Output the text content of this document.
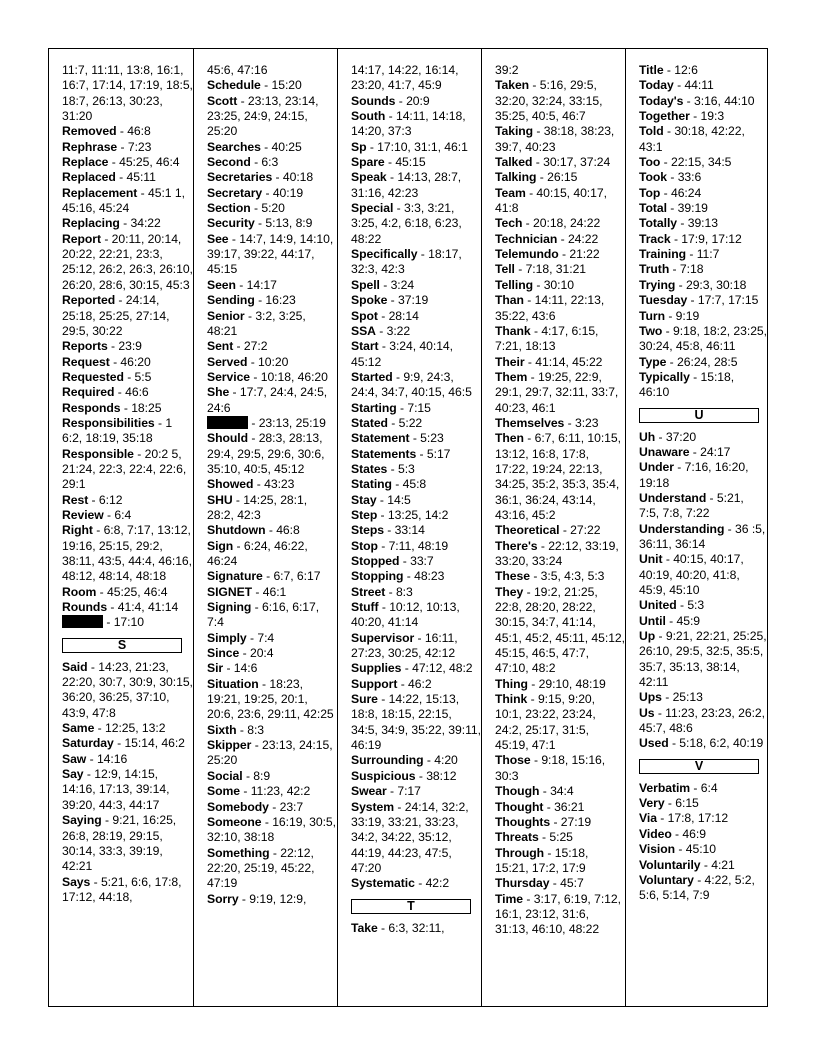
11:7, 11:11, 13:8, 16:1, 16:7, 17:14, 17:19, 18:5, 18:7, 26:13, 30:23, 31:20
Removed - 46:8
Rephrase - 7:23
Replace - 45:25, 46:4
Replaced - 45:11
Replacement - 45:1 1, 45:16, 45:24
Replacing - 34:22
Report - 20:11, 20:14, 20:22, 22:21, 23:3, 25:12, 26:2, 26:3, 26:10, 26:20, 28:6, 30:15, 45:3
Reported - 24:14, 25:18, 25:25, 27:14, 29:5, 30:22
Reports - 23:9
Request - 46:20
Requested - 5:5
Required - 46:6
Responds - 18:25
Responsibilities - 1 6:2, 18:19, 35:18
Responsible - 20:2 5, 21:24, 22:3, 22:4, 22:6, 29:1
Rest - 6:12
Review - 6:4
Right - 6:8, 7:17, 13:12, 19:16, 25:15, 29:2, 38:11, 43:5, 44:4, 46:16, 48:12, 48:14, 48:18
Room - 45:25, 46:4
Rounds - 41:4, 41:14
- 17:10
S
Said - 14:23, 21:23, 22:20, 30:7, 30:9, 30:15, 36:20, 36:25, 37:10, 43:9, 47:8
Same - 12:25, 13:2
Saturday - 15:14, 46:2
Saw - 14:16
Say - 12:9, 14:15, 14:16, 17:13, 39:14, 39:20, 44:3, 44:17
Saying - 9:21, 16:25, 26:8, 28:19, 29:15, 30:14, 33:3, 39:19, 42:21
Says - 5:21, 6:6, 17:8, 17:12, 44:18,
45:6, 47:16
Schedule - 15:20
Scott - 23:13, 23:14, 23:25, 24:9, 24:15, 25:20
Searches - 40:25
Second - 6:3
Secretaries - 40:18
Secretary - 40:19
Section - 5:20
Security - 5:13, 8:9
See - 14:7, 14:9, 14:10, 39:17, 39:22, 44:17, 45:15
Seen - 14:17
Sending - 16:23
Senior - 3:2, 3:25, 48:21
Sent - 27:2
Served - 10:20
Service - 10:18, 46:20
She - 17:7, 24:4, 24:5, 24:6
- 23:13, 25:19
Should - 28:3, 28:13, 29:4, 29:5, 29:6, 30:6, 35:10, 40:5, 45:12
Showed - 43:23
SHU - 14:25, 28:1, 28:2, 42:3
Shutdown - 46:8
Sign - 6:24, 46:22, 46:24
Signature - 6:7, 6:17
SIGNET - 46:1
Signing - 6:16, 6:17, 7:4
Simply - 7:4
Since - 20:4
Sir - 14:6
Situation - 18:23, 19:21, 19:25, 20:1, 20:6, 23:6, 29:11, 42:25
Sixth - 8:3
Skipper - 23:13, 24:15, 25:20
Social - 8:9
Some - 11:23, 42:2
Somebody - 23:7
Someone - 16:19, 30:5, 32:10, 38:18
Something - 22:12, 22:20, 25:19, 45:22, 47:19
Sorry - 9:19, 12:9,
14:17, 14:22, 16:14, 23:20, 41:7, 45:9
Sounds - 20:9
South - 14:11, 14:18, 14:20, 37:3
Sp - 17:10, 31:1, 46:1
Spare - 45:15
Speak - 14:13, 28:7, 31:16, 42:23
Special - 3:3, 3:21, 3:25, 4:2, 6:18, 6:23, 48:22
Specifically - 18:17, 32:3, 42:3
Spell - 3:24
Spoke - 37:19
Spot - 28:14
SSA - 3:22
Start - 3:24, 40:14, 45:12
Started - 9:9, 24:3, 24:4, 34:7, 40:15, 46:5
Starting - 7:15
Stated - 5:22
Statement - 5:23
Statements - 5:17
States - 5:3
Stating - 45:8
Stay - 14:5
Step - 13:25, 14:2
Steps - 33:14
Stop - 7:11, 48:19
Stopped - 33:7
Stopping - 48:23
Street - 8:3
Stuff - 10:12, 10:13, 40:20, 41:14
Supervisor - 16:11, 27:23, 30:25, 42:12
Supplies - 47:12, 48:2
Support - 46:2
Sure - 14:22, 15:13, 18:8, 18:15, 22:15, 34:5, 34:9, 35:22, 39:11, 46:19
Surrounding - 4:20
Suspicious - 38:12
Swear - 7:17
System - 24:14, 32:2, 33:19, 33:21, 33:23, 34:2, 34:22, 35:12, 44:19, 44:23, 47:5, 47:20
Systematic - 42:2
T
Take - 6:3, 32:11,
39:2
Taken - 5:16, 29:5, 32:20, 32:24, 33:15, 35:25, 40:5, 46:7
Taking - 38:18, 38:23, 39:7, 40:23
Talked - 30:17, 37:24
Talking - 26:15
Team - 40:15, 40:17, 41:8
Tech - 20:18, 24:22
Technician - 24:22
Telemundo - 21:22
Tell - 7:18, 31:21
Telling - 30:10
Than - 14:11, 22:13, 35:22, 43:6
Thank - 4:17, 6:15, 7:21, 18:13
Their - 41:14, 45:22
Them - 19:25, 22:9, 29:1, 29:7, 32:11, 33:7, 40:23, 46:1
Themselves - 3:23
Then - 6:7, 6:11, 10:15, 13:12, 16:8, 17:8, 17:22, 19:24, 22:13, 34:25, 35:2, 35:3, 35:4, 36:1, 36:24, 43:14, 43:16, 45:2
Theoretical - 27:22
There's - 22:12, 33:19, 33:20, 33:24
These - 3:5, 4:3, 5:3
They - 19:2, 21:25, 22:8, 28:20, 28:22, 30:15, 34:7, 41:14, 45:1, 45:2, 45:11, 45:12, 45:15, 46:5, 47:7, 47:10, 48:2
Thing - 29:10, 48:19
Think - 9:15, 9:20, 10:1, 23:22, 23:24, 24:2, 25:17, 31:5, 45:19, 47:1
Those - 9:18, 15:16, 30:3
Though - 34:4
Thought - 36:21
Thoughts - 27:19
Threats - 5:25
Through - 15:18, 15:21, 17:2, 17:9
Thursday - 45:7
Time - 3:17, 6:19, 7:12, 16:1, 23:12, 31:6, 31:13, 46:10, 48:22
Title - 12:6
Today - 44:11
Today's - 3:16, 44:10
Together - 19:3
Told - 30:18, 42:22, 43:1
Too - 22:15, 34:5
Took - 33:6
Top - 46:24
Total - 39:19
Totally - 39:13
Track - 17:9, 17:12
Training - 11:7
Truth - 7:18
Trying - 29:3, 30:18
Tuesday - 17:7, 17:15
Turn - 9:19
Two - 9:18, 18:2, 23:25, 30:24, 45:8, 46:11
Type - 26:24, 28:5
Typically - 15:18, 46:10
U
Uh - 37:20
Unaware - 24:17
Under - 7:16, 16:20, 19:18
Understand - 5:21, 7:5, 7:8, 7:22
Understanding - 36 :5, 36:11, 36:14
Unit - 40:15, 40:17, 40:19, 40:20, 41:8, 45:9, 45:10
United - 5:3
Until - 45:9
Up - 9:21, 22:21, 25:25, 26:10, 29:5, 32:5, 35:5, 35:7, 35:13, 38:14, 42:11
Ups - 25:13
Us - 11:23, 23:23, 26:2, 45:7, 48:6
Used - 5:18, 6:2, 40:19
V
Verbatim - 6:4
Very - 6:15
Via - 17:8, 17:12
Video - 46:9
Vision - 45:10
Voluntarily - 4:21
Voluntary - 4:22, 5:2, 5:6, 5:14, 7:9
